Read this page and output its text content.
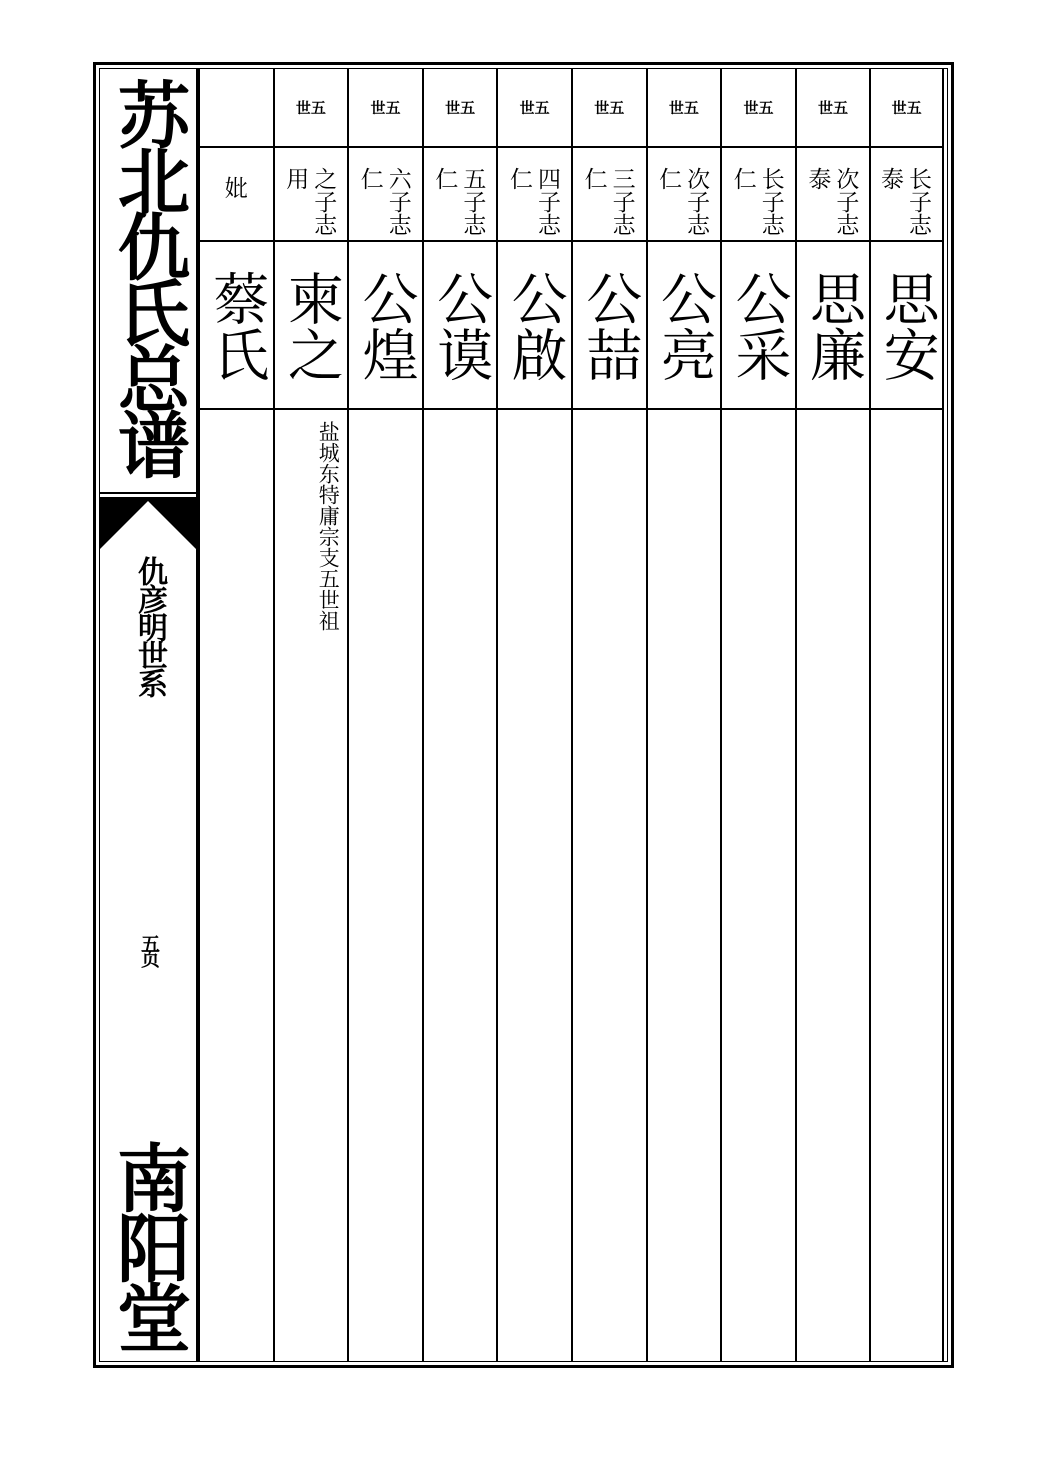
苏北仇氏总谱
仇彦明世系
五页
南阳堂
妣
蔡氏
世五
之子志用
柬之
盐城东特庸宗支五世祖
世五
六子志仁
公煌
世五
五子志仁
公谟
世五
四子志仁
公啟
世五
三子志仁
公喆
世五
次子志仁
公亮
世五
长子志仁
公采
世五
次子志泰
思廉
世五
长子志泰
思安
